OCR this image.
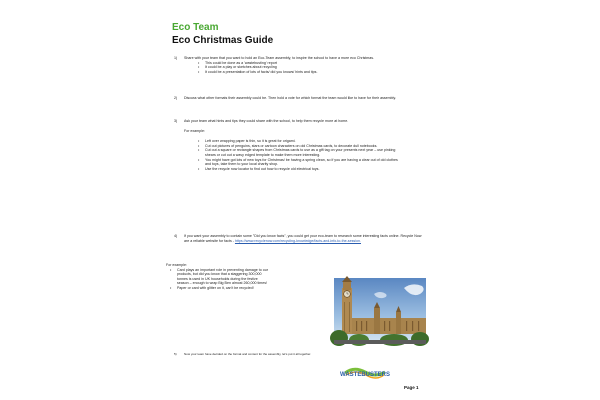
Eco Team
Eco Christmas Guide
1) Share with your team that you want to hold an Eco-Team assembly, to inspire the school to have a more eco Christmas.
• This could be done as a 'wastebusting' report
• It could be a play or sketches about recycling
• It could be a presentation of lots of facts/ did you knows/ hints and tips.
2) Discuss what other formats their assembly could be. Then hold a vote for which format the team would like to have for their assembly.
3) Ask your team what hints and tips they could share with the school, to help them recycle more at home.
For example:
• Left over wrapping paper is thin, so it is great for origami.
• Cut out pictures of penguins, stars or cartoon characters on old Christmas cards, to decorate dull notebooks.
• Cut out a square or rectangle shapes from Christmas cards to use as a gift tag on your presents next year – use pinking shears or cut out a wavy edged template to make them more interesting.
• You might have got lots of new toys for Christmas/ be having a spring clean, so if you are having a clear out of old clothes and toys, take them to your local charity shop.
• Use the recycle now locator to find out how to recycle old electrical toys.
4) If you want your assembly to contain some "Did you know facts", you could get your eco-team to research some interesting facts online. Recycle Now are a reliable website for facts - https://www.recyclenow.com/recycling-knowledge/facts-and-info-to-the-session.
For example:
• Card plays an important role in preventing damage to our products, but did you know that a staggering 300,000 tonnes is used in UK households during the festive season – enough to wrap Big Ben almost 260,000 times!
• Paper or card with glitter on it, can't be recycled!
5) Now your team have decided on the format and content for the assembly, let's put it all together.
WASTEBUSTERS
Page 1
